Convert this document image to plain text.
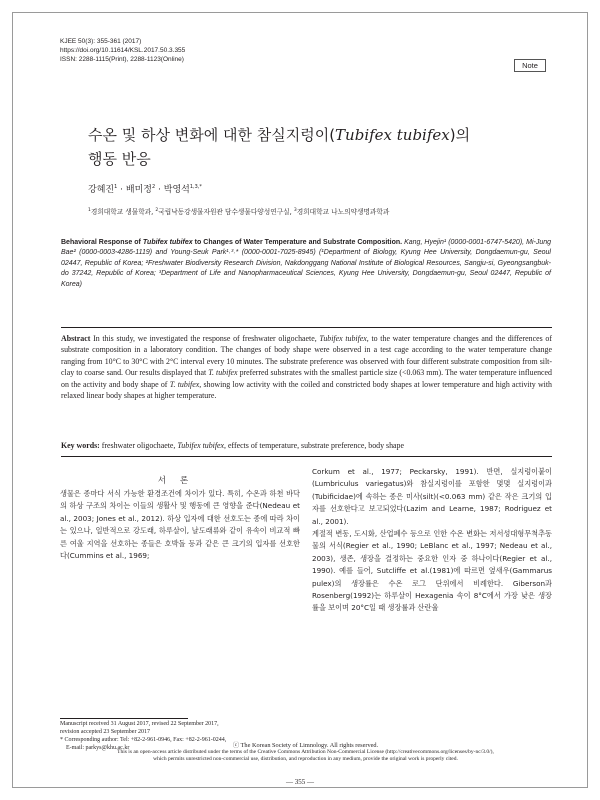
KJEE 50(3): 355-361 (2017)
https://doi.org/10.11614/KSL.2017.50.3.355
ISSN: 2288-1115(Print), 2288-1123(Online)
Note
수온 및 하상 변화에 대한 참실지렁이(Tubifex tubifex)의
행동 반응
강혜진$^1$ · 배미정$^2$ · 박영석$^{1,3,*}$
$^1$경희대학교 생물학과, $^2$국립낙동강생물자원관 담수생물다양성연구실, $^3$경희대학교 나노의약생명과학과
Behavioral Response of Tubifex tubifex to Changes of Water Temperature and Substrate Composition. Kang, Hyejin¹ (0000-0001-6747-5420), Mi-Jung Bae² (0000-0003-4286-1119) and Young-Seuk Park¹˒³˒* (0000-0001-7025-8945) (¹Department of Biology, Kyung Hee University, Dongdaemun-gu, Seoul 02447, Republic of Korea; ²Freshwater Biodiversity Research Division, Nakdonggang National Institute of Biological Resources, Sangju-si, Gyeongsangbuk-do 37242, Republic of Korea; ³Department of Life and Nanopharmaceutical Sciences, Kyung Hee University, Dongdaemun-gu, Seoul 02447, Republic of Korea)
Abstract In this study, we investigated the response of freshwater oligochaete, Tubifex tubifex, to the water temperature changes and the differences of substrate composition in a laboratory condition. The changes of body shape were observed in a test cage according to the water temperature change ranging from 10°C to 30°C with 2°C interval every 10 minutes. The substrate preference was observed with four different substrate composition from silt-clay to coarse sand. Our results displayed that T. tubifex preferred substrates with the smallest particle size (<0.063 mm). The water temperature influenced on the activity and body shape of T. tubifex, showing low activity with the coiled and constricted body shapes at lower temperature and high activity with relaxed linear body shapes at higher temperature.
Key words: freshwater oligochaete, Tubifex tubifex, effects of temperature, substrate preference, body shape
서론
생물은 종마다 서식 가능한 환경조건에 차이가 있다. 특히, 수온과 하천 바닥의 하상 구조의 차이는 이들의 생활사 및 행동에 큰 영향을 준다(Nedeau et al., 2003; Jones et al., 2012). 하상 입자에 대한 선호도는 종에 따라 차이는 있으나, 일반적으로 강도래, 하루살이, 날도래류와 같이 유속이 비교적 빠른 여울 지역을 선호하는 종들은 호박돌 등과 같은 큰 크기의 입자를 선호한다(Cummins et al., 1969;
Corkum et al., 1977; Peckarsky, 1991). 반면, 실지렁이붙이(Lumbriculus variegatus)와 참실지렁이를 포함한 몇몇 실지렁이과(Tubificidae)에 속하는 종은 미사(silt)(<0.063 mm) 같은 작은 크기의 입자를 선호한다고 보고되었다(Lazim and Learne, 1987; Rodriguez et al., 2001).
계절적 변동, 도시화, 산업폐수 등으로 인한 수온 변화는 저서성대형무척추동물의 서식(Regier et al., 1990; LeBlanc et al., 1997; Nedeau et al., 2003), 생존, 생장을 결정하는 중요한 인자 중 하나이다(Regier et al., 1990). 예를 들어, Sutcliffe et al.(1981)에 따르면 옆새우(Gammarus pulex)의 생장률은 수온 로그 단위에서 비례한다. Giberson과 Rosenberg(1992)는 하루살이 Hexagenia 속이 8°C에서 가장 낮은 생장률을 보이며 20°C일 때 생장률과 산란율
Manuscript received 31 August 2017, revised 22 September 2017,
revision accepted 23 September 2017
* Corresponding author: Tel: +82-2-961-0946, Fax: +82-2-961-0244,
E-mail: parkys@khu.ac.kr	ⓒ The Korean Society of Limnology. All rights reserved.
This is an open-access article distributed under the terms of the Creative Commons Attribution Non-Commercial License (http://creativecommons.org/licenses/by-nc/3.0/),
which permits unrestricted non-commercial use, distribution, and reproduction in any medium, provide the original work is properly cited.
— 355 —
